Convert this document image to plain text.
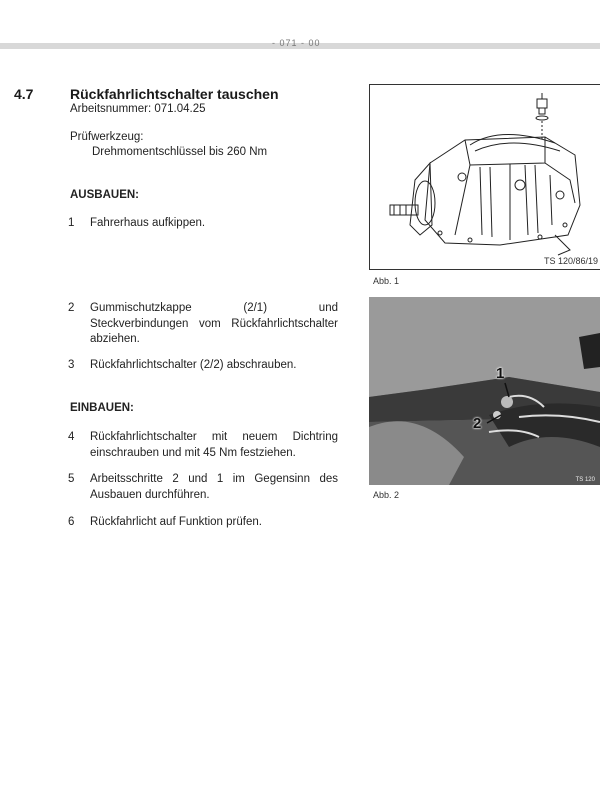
- 071 - 00
4.7	Rückfahrlichtschalter tauschen
Arbeitsnummer: 071.04.25
Prüfwerkzeug:
Drehmomentschlüssel bis 260 Nm
AUSBAUEN:
1 Fahrerhaus aufkippen.
2 Gummischutzkappe (2/1) und Steckverbindungen vom Rückfahrlichtschalter abziehen.
3 Rückfahrlichtschalter (2/2) abschrauben.
EINBAUEN:
4 Rückfahrlichtschalter mit neuem Dichtring einschrauben und mit 45 Nm festziehen.
5 Arbeitsschritte 2 und 1 im Gegensinn des Ausbauen durchführen.
6 Rückfahrlicht auf Funktion prüfen.
TS 120/86/19
Abb. 1
1
2
TS 120
Abb. 2
